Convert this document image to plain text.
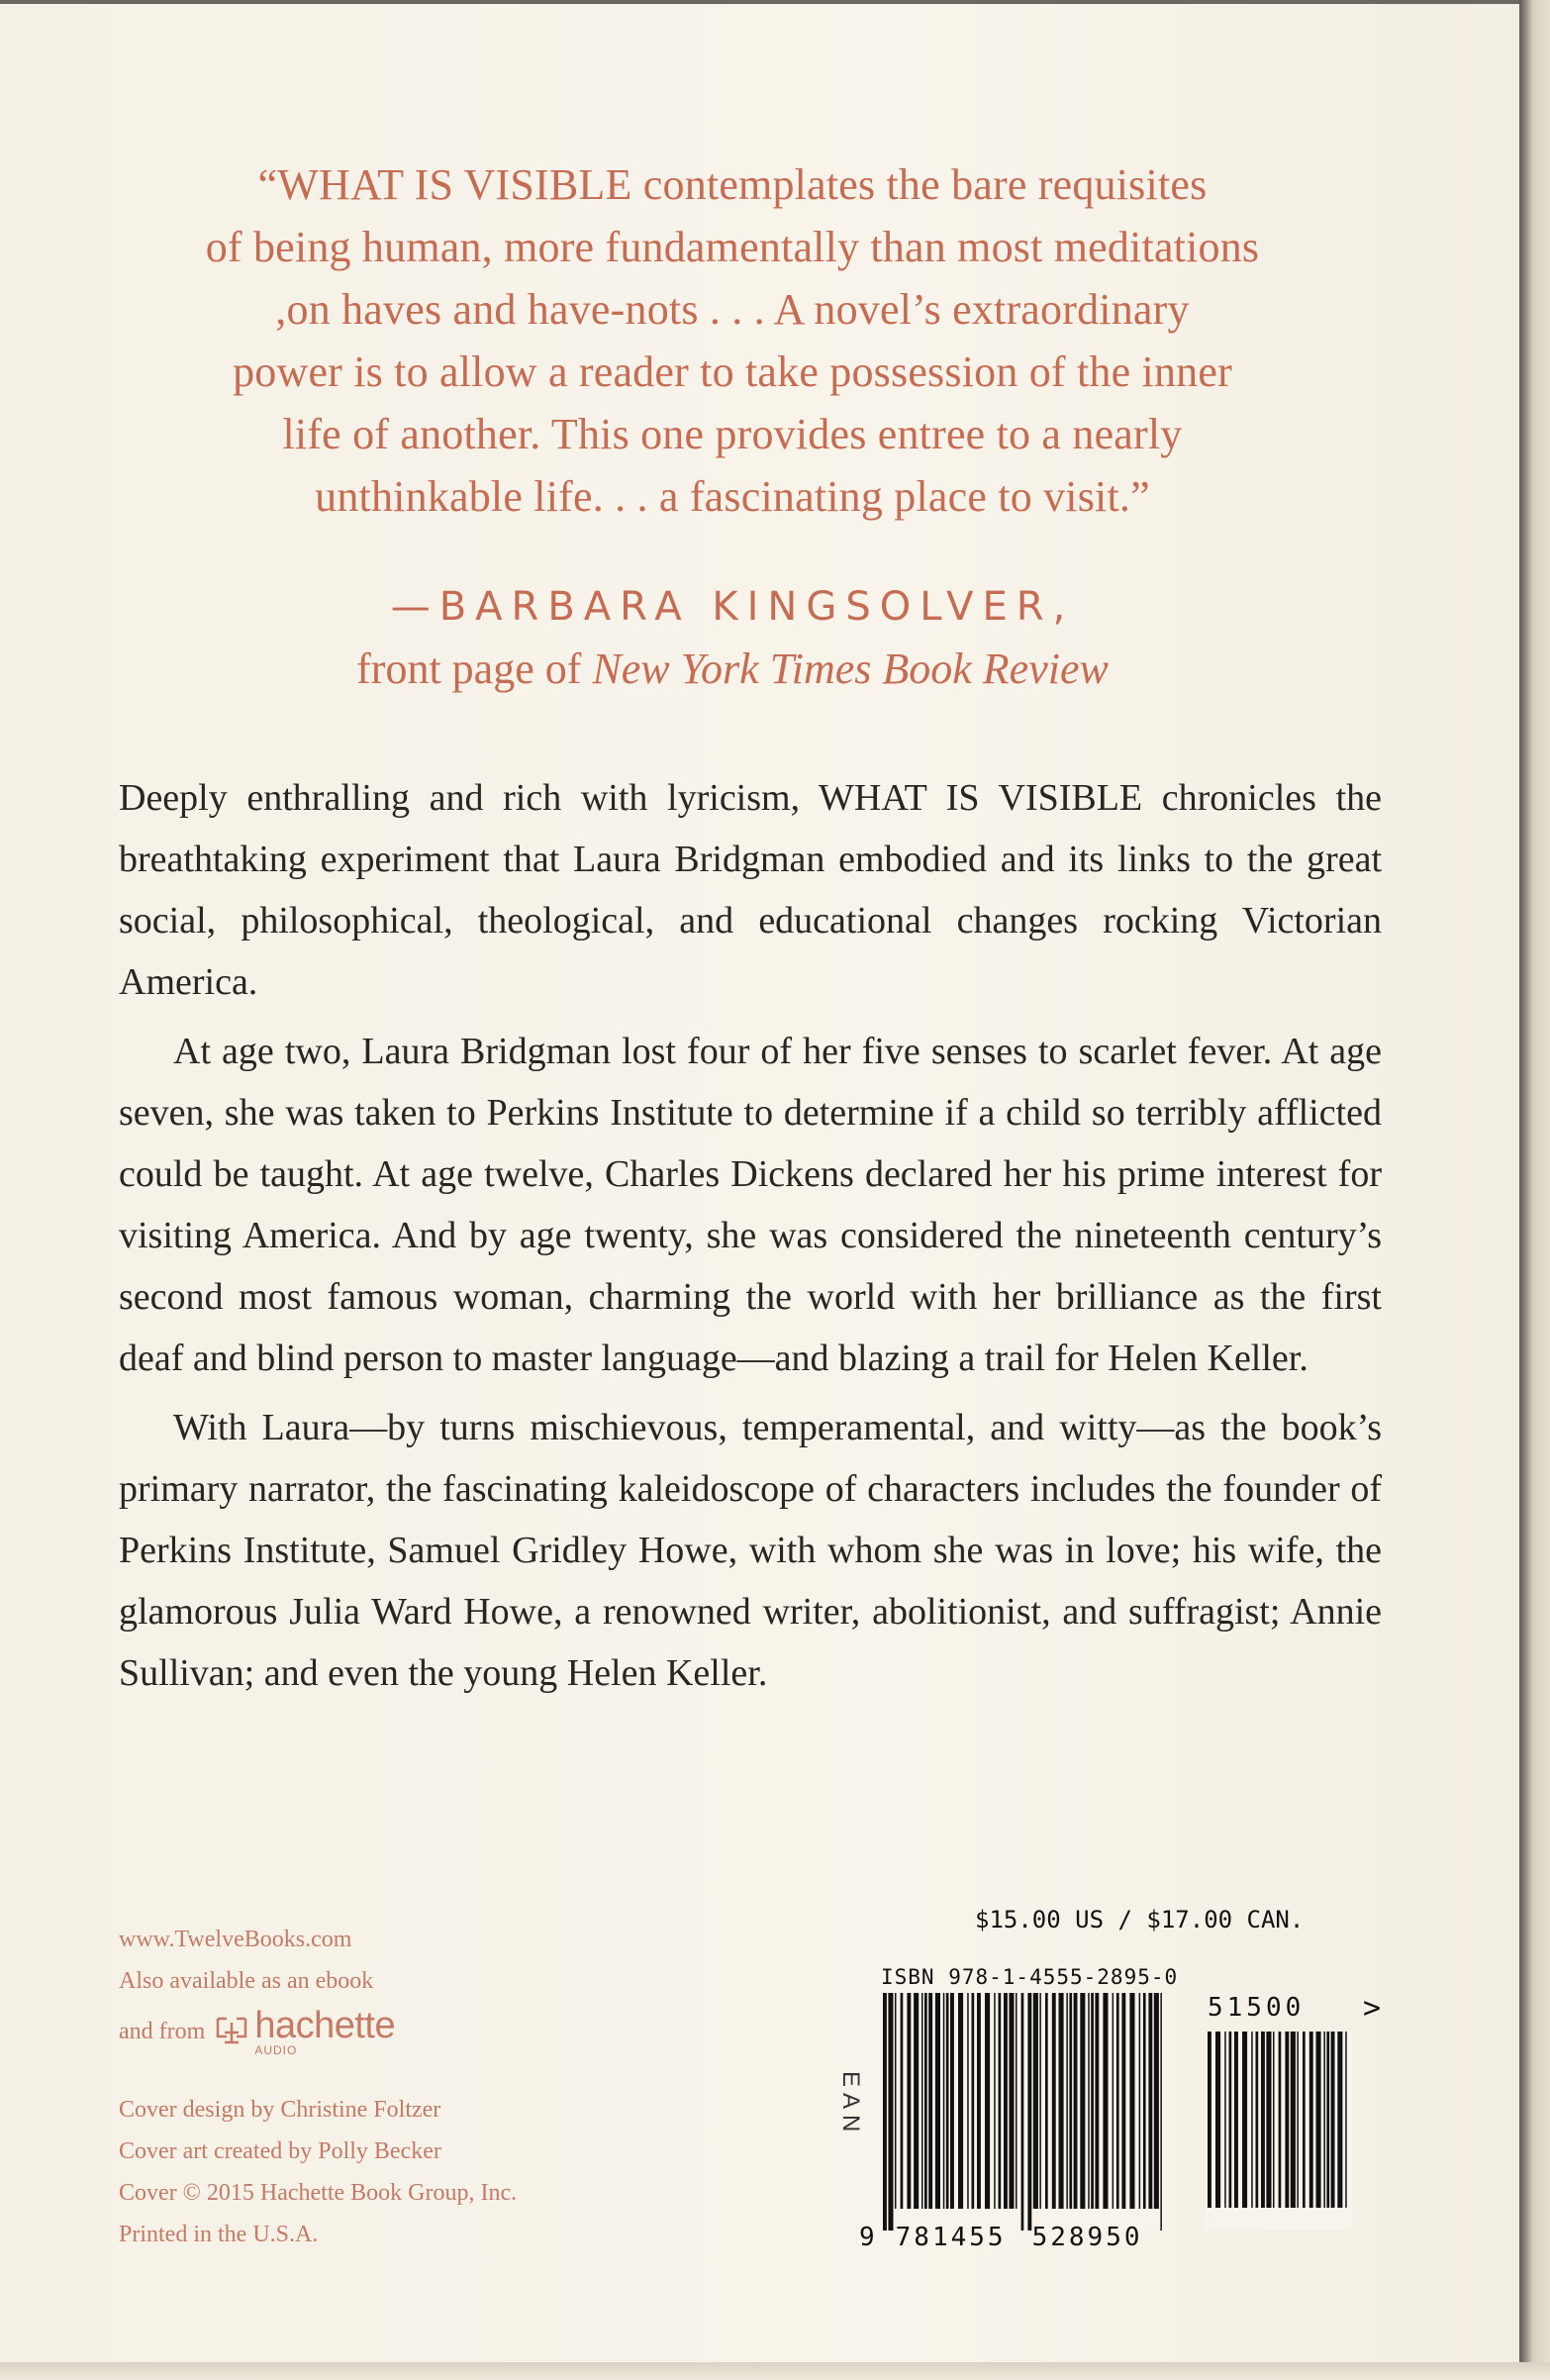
“WHAT IS VISIBLE contemplates the bare requisites

of being human, more fundamentally than most meditations

,on haves and have-nots . . . A novel’s extraordinary

power is to allow a reader to take possession of the inner

life of another. This one provides entree to a nearly

unthinkable life. . . a fascinating place to visit.”

—BARBARA KINGSOLVER,
front page of New York Times Book Review

Deeply enthralling and rich with lyricism, WHAT IS VISIBLE chronicles the breathtaking experiment that Laura Bridgman embodied and its links to the great social, philosophical, theological, and educational changes rocking Victorian America.

At age two, Laura Bridgman lost four of her five senses to scarlet fever. At age seven, she was taken to Perkins Institute to determine if a child so terribly afflicted could be taught. At age twelve, Charles Dickens declared her his prime interest for visiting America. And by age twenty, she was considered the nineteenth century’s second most famous woman, charming the world with her brilliance as the first deaf and blind person to master language—and blazing a trail for Helen Keller.

With Laura—by turns mischievous, temperamental, and witty—as the book’s primary narrator, the fascinating kaleidoscope of characters includes the founder of Perkins Institute, Samuel Gridley Howe, with whom she was in love; his wife, the glamorous Julia Ward Howe, a renowned writer, abolitionist, and suffragist; Annie Sullivan; and even the young Helen Keller.

www.TwelveBooks.com
Also available as an ebook
and from hachette
AUDIO
Cover design by Christine Foltzer
Cover art created by Polly Becker
Cover © 2015 Hachette Book Group, Inc.
Printed in the U.S.A.
EAN
$15.00 US / $17.00 CAN.
ISBN 978-1-4555-2895-0
51500 >
9 781455 528950
